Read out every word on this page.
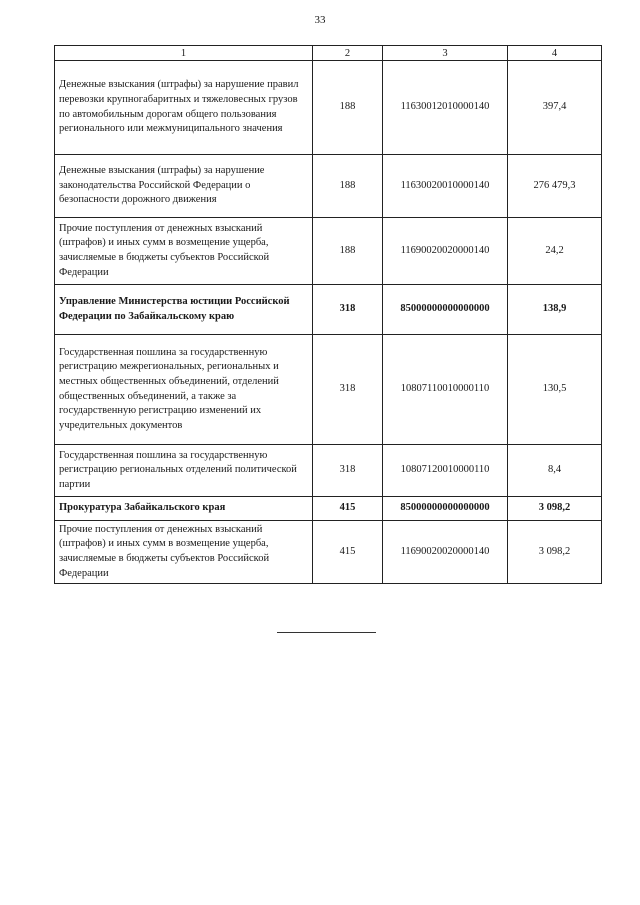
33
1	2	3	4
Денежные взыскания (штрафы) за нарушение правил перевозки крупногабаритных и тяжеловесных грузов по автомобильным дорогам общего пользования регионального или межмуниципального значения	188	11630012010000140	397,4
Денежные взыскания (штрафы) за нарушение законодательства Российской Федерации о безопасности дорожного движения	188	11630020010000140	276 479,3
Прочие поступления от денежных взысканий (штрафов) и иных сумм в возмещение ущерба, зачисляемые в бюджеты субъектов Российской Федерации	188	11690020020000140	24,2
Управление Министерства юстиции Российской Федерации по Забайкальскому краю	318	85000000000000000	138,9
Государственная пошлина за государственную регистрацию межрегиональных, региональных и местных общественных объединений, отделений общественных объединений, а также за государственную регистрацию изменений их учредительных документов	318	10807110010000110	130,5
Государственная пошлина за государственную регистрацию региональных отделений политической партии	318	10807120010000110	8,4
Прокуратура Забайкальского края	415	85000000000000000	3 098,2
Прочие поступления от денежных взысканий (штрафов) и иных сумм в возмещение ущерба, зачисляемые в бюджеты субъектов Российской Федерации	415	11690020020000140	3 098,2
